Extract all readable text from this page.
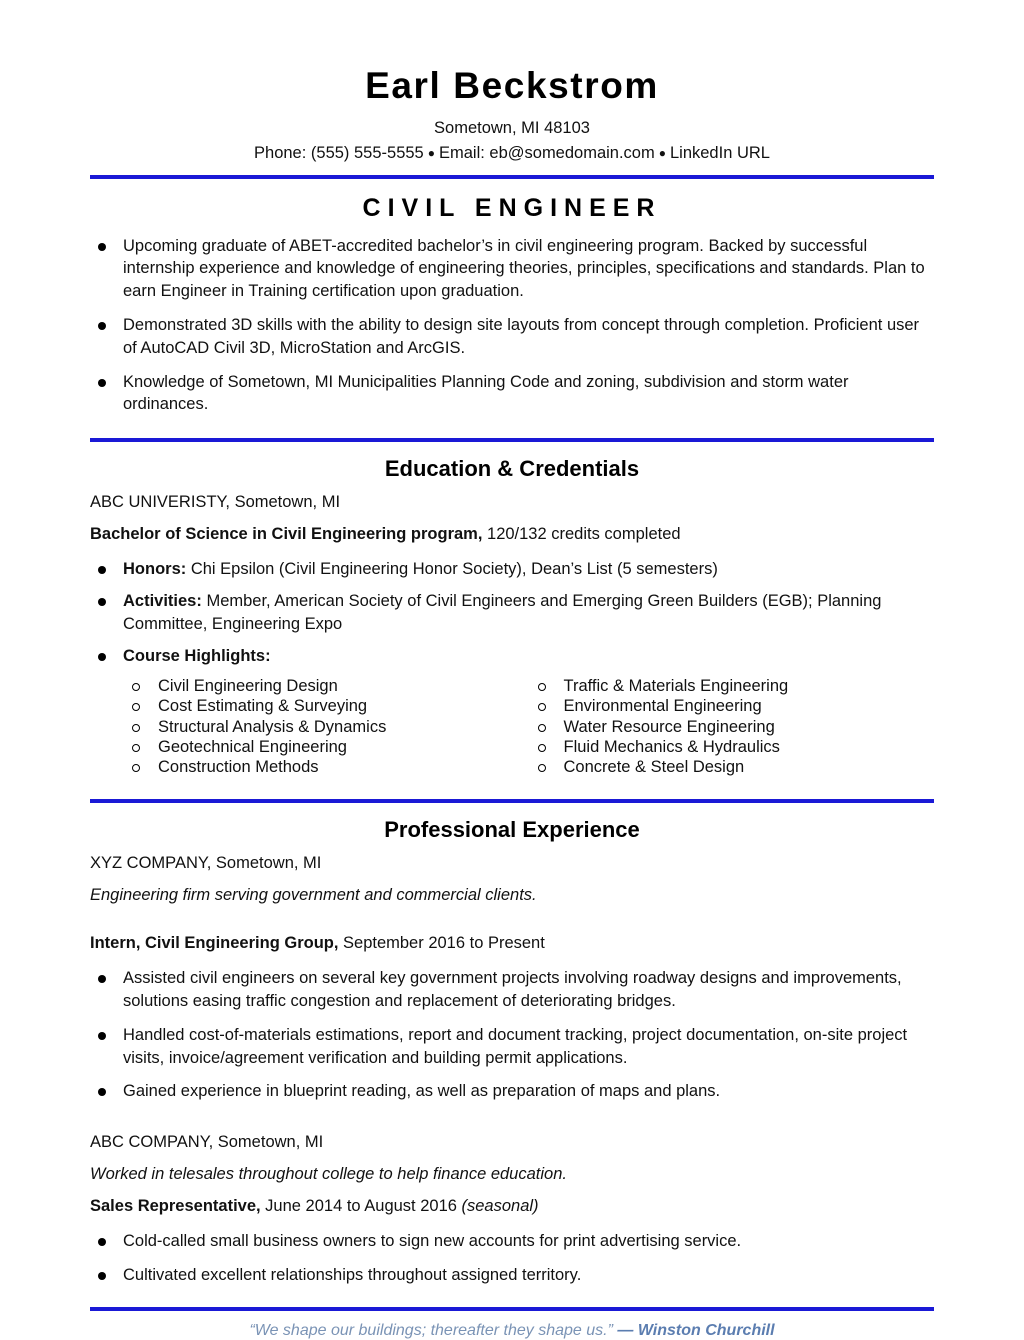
Earl Beckstrom
Sometown, MI 48103
Phone: (555) 555-5555 ● Email: eb@somedomain.com ● LinkedIn URL
CIVIL ENGINEER
Upcoming graduate of ABET-accredited bachelor’s in civil engineering program. Backed by successful internship experience and knowledge of engineering theories, principles, specifications and standards. Plan to earn Engineer in Training certification upon graduation.
Demonstrated 3D skills with the ability to design site layouts from concept through completion. Proficient user of AutoCAD Civil 3D, MicroStation and ArcGIS.
Knowledge of Sometown, MI Municipalities Planning Code and zoning, subdivision and storm water ordinances.
Education & Credentials
ABC UNIVERISTY, Sometown, MI
Bachelor of Science in Civil Engineering program, 120/132 credits completed
Honors: Chi Epsilon (Civil Engineering Honor Society), Dean’s List (5 semesters)
Activities: Member, American Society of Civil Engineers and Emerging Green Builders (EGB); Planning Committee, Engineering Expo
Course Highlights:
Civil Engineering Design
Cost Estimating & Surveying
Structural Analysis & Dynamics
Geotechnical Engineering
Construction Methods
Traffic & Materials Engineering
Environmental Engineering
Water Resource Engineering
Fluid Mechanics & Hydraulics
Concrete & Steel Design
Professional Experience
XYZ COMPANY, Sometown, MI
Engineering firm serving government and commercial clients.
Intern, Civil Engineering Group, September 2016 to Present
Assisted civil engineers on several key government projects involving roadway designs and improvements, solutions easing traffic congestion and replacement of deteriorating bridges.
Handled cost-of-materials estimations, report and document tracking, project documentation, on-site project visits, invoice/agreement verification and building permit applications.
Gained experience in blueprint reading, as well as preparation of maps and plans.
ABC COMPANY, Sometown, MI
Worked in telesales throughout college to help finance education.
Sales Representative, June 2014 to August 2016 (seasonal)
Cold-called small business owners to sign new accounts for print advertising service.
Cultivated excellent relationships throughout assigned territory.
“We shape our buildings; thereafter they shape us.” — Winston Churchill
